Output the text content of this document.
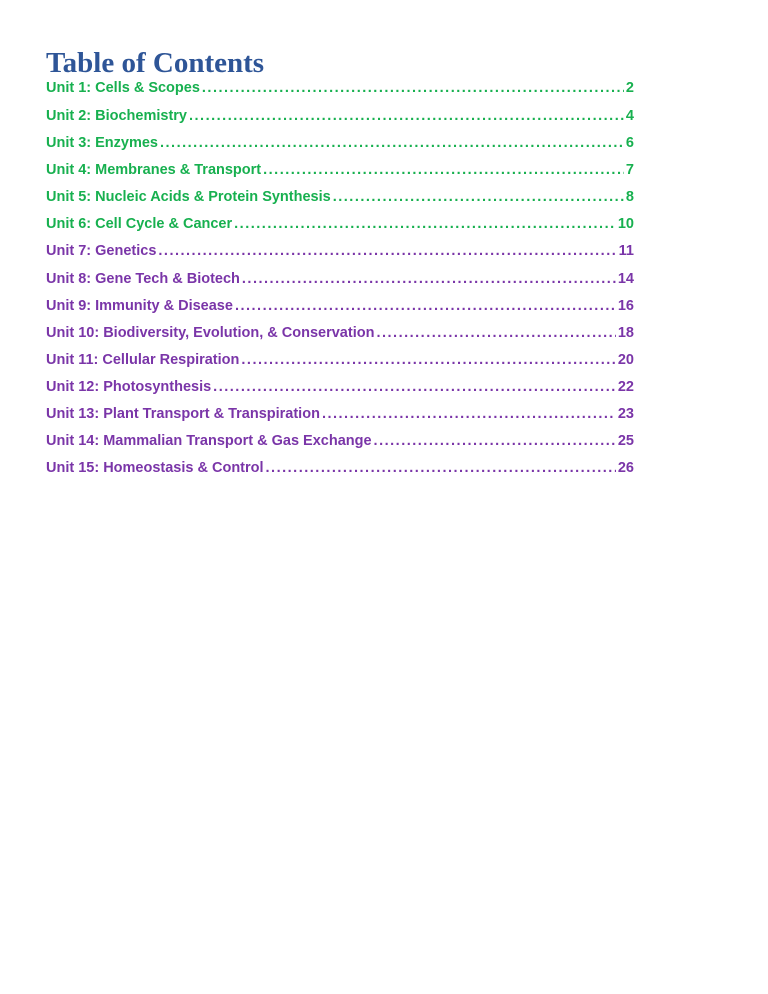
Table of Contents
Unit 1: Cells & Scopes .....	2
Unit 2: Biochemistry .....	4
Unit 3: Enzymes .....	6
Unit 4: Membranes & Transport .....	7
Unit 5: Nucleic Acids & Protein Synthesis .....	8
Unit 6: Cell Cycle & Cancer .....	10
Unit 7: Genetics .....	11
Unit 8: Gene Tech & Biotech .....	14
Unit 9: Immunity & Disease .....	16
Unit 10: Biodiversity, Evolution, & Conservation .....	18
Unit 11: Cellular Respiration .....	20
Unit 12: Photosynthesis .....	22
Unit 13: Plant Transport & Transpiration .....	23
Unit 14: Mammalian Transport & Gas Exchange .....	25
Unit 15: Homeostasis & Control .....	26
